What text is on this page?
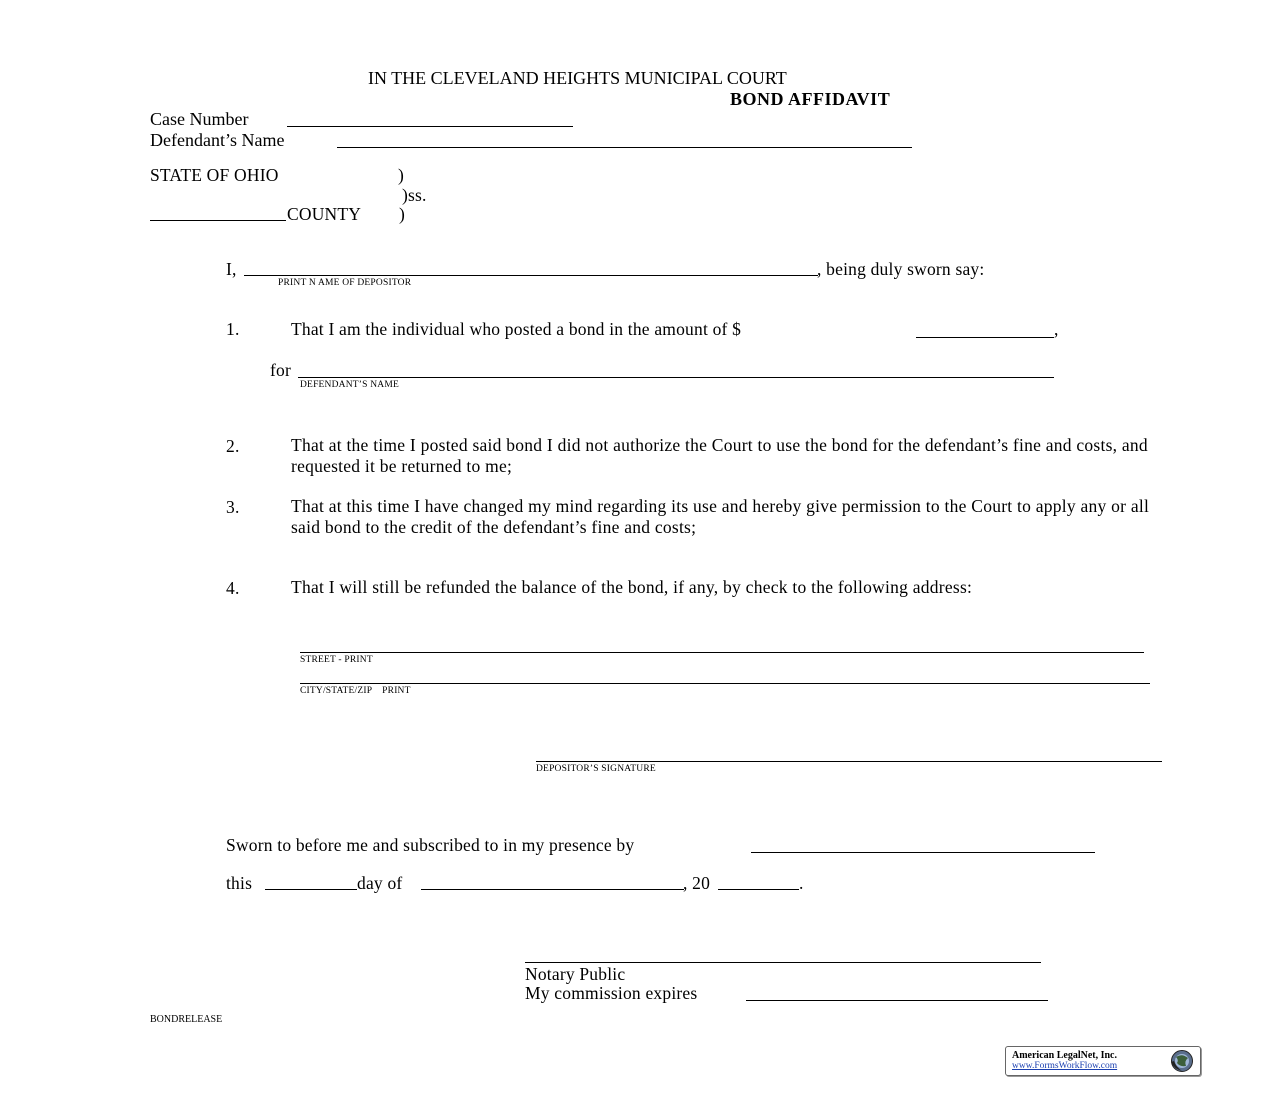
IN THE CLEVELAND HEIGHTS MUNICIPAL COURT
BOND AFFIDAVIT
Case Number
Defendant’s Name
STATE OF OHIO	)
)ss.
COUNTY )
I,	, being duly sworn say:
PRINT N AME OF DEPOSITOR
1.	That I am the individual who posted a bond in the amount of $	,
for
DEFENDANT’S NAME
2.	That at the time I posted said bond I did not authorize the Court to use the bond for the defendant’s fine and costs, and requested it be returned to me;
3.	That at this time I have changed my mind regarding its use and hereby give permission to the Court to apply any or all said bond to the credit of the defendant’s fine and costs;
4.	That I will still be refunded the balance of the bond, if any, by check to the following address:
STREET - PRINT
CITY/STATE/ZIP    PRINT
DEPOSITOR’S SIGNATURE
Sworn to before me and subscribed to in my presence by
this	day of	, 20	.
Notary Public
My commission expires
BONDRELEASE
American LegalNet, Inc.
www.FormsWorkFlow.com
